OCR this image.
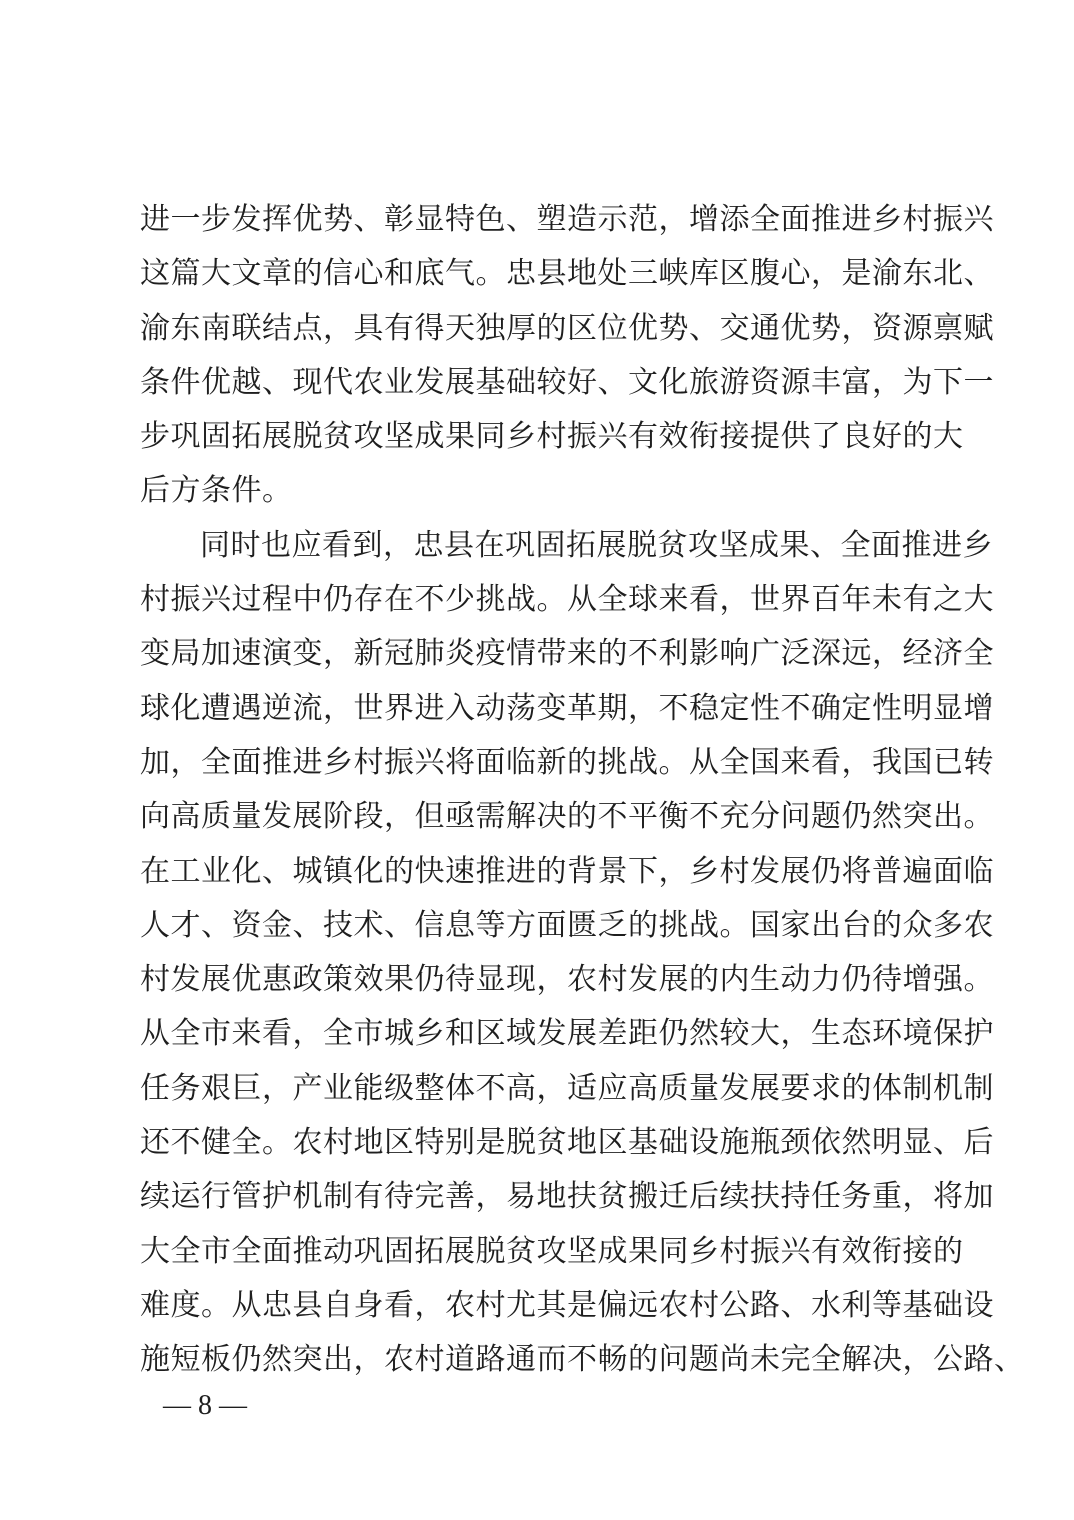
进一步发挥优势、彰显特色、塑造示范，增添全面推进乡村振兴
这篇大文章的信心和底气。忠县地处三峡库区腹心，是渝东北、
渝东南联结点，具有得天独厚的区位优势、交通优势，资源禀赋
条件优越、现代农业发展基础较好、文化旅游资源丰富，为下一
步巩固拓展脱贫攻坚成果同乡村振兴有效衔接提供了良好的大
后方条件。
同时也应看到，忠县在巩固拓展脱贫攻坚成果、全面推进乡
村振兴过程中仍存在不少挑战。从全球来看，世界百年未有之大
变局加速演变，新冠肺炎疫情带来的不利影响广泛深远，经济全
球化遭遇逆流，世界进入动荡变革期，不稳定性不确定性明显增
加，全面推进乡村振兴将面临新的挑战。从全国来看，我国已转
向高质量发展阶段，但亟需解决的不平衡不充分问题仍然突出。
在工业化、城镇化的快速推进的背景下，乡村发展仍将普遍面临
人才、资金、技术、信息等方面匮乏的挑战。国家出台的众多农
村发展优惠政策效果仍待显现，农村发展的内生动力仍待增强。
从全市来看，全市城乡和区域发展差距仍然较大，生态环境保护
任务艰巨，产业能级整体不高，适应高质量发展要求的体制机制
还不健全。农村地区特别是脱贫地区基础设施瓶颈依然明显、后
续运行管护机制有待完善，易地扶贫搬迁后续扶持任务重，将加
大全市全面推动巩固拓展脱贫攻坚成果同乡村振兴有效衔接的
难度。从忠县自身看，农村尤其是偏远农村公路、水利等基础设
施短板仍然突出，农村道路通而不畅的问题尚未完全解决，公路、
— 8 —
